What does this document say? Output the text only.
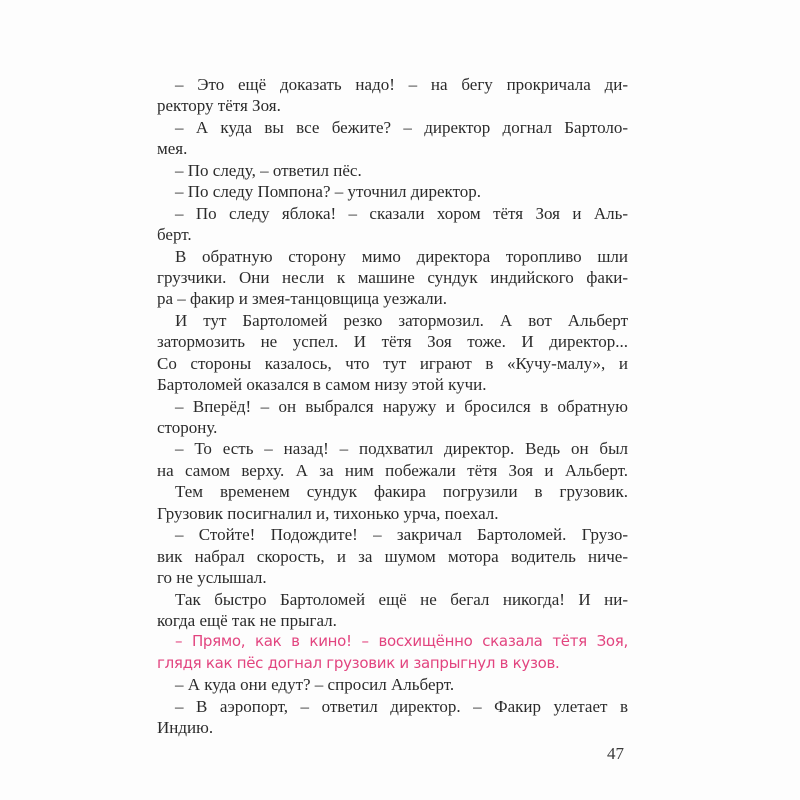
– Это ещё доказать надо! – на бегу прокричала ди-
ректору тётя Зоя.
– А куда вы все бежите? – директор догнал Бартоло-
мея.
– По следу, – ответил пёс.
– По следу Помпона? – уточнил директор.
– По следу яблока! – сказали хором тётя Зоя и Аль-
берт.
В обратную сторону мимо директора торопливо шли
грузчики. Они несли к машине сундук индийского факи-
ра – факир и змея-танцовщица уезжали.
И тут Бартоломей резко затормозил. А вот Альберт
затормозить не успел. И тётя Зоя тоже. И директор...
Со стороны казалось, что тут играют в «Кучу-малу», и
Бартоломей оказался в самом низу этой кучи.
– Вперёд! – он выбрался наружу и бросился в обратную
сторону.
– То есть – назад! – подхватил директор. Ведь он был
на самом верху. А за ним побежали тётя Зоя и Альберт.
Тем временем сундук факира погрузили в грузовик.
Грузовик посигналил и, тихонько урча, поехал.
– Стойте! Подождите! – закричал Бартоломей. Грузо-
вик набрал скорость, и за шумом мотора водитель ниче-
го не услышал.
Так быстро Бартоломей ещё не бегал никогда! И ни-
когда ещё так не прыгал.
– Прямо, как в кино! – восхищённо сказала тётя Зоя,
глядя как пёс догнал грузовик и запрыгнул в кузов.
– А куда они едут? – спросил Альберт.
– В аэропорт, – ответил директор. – Факир улетает в
Индию.
47
